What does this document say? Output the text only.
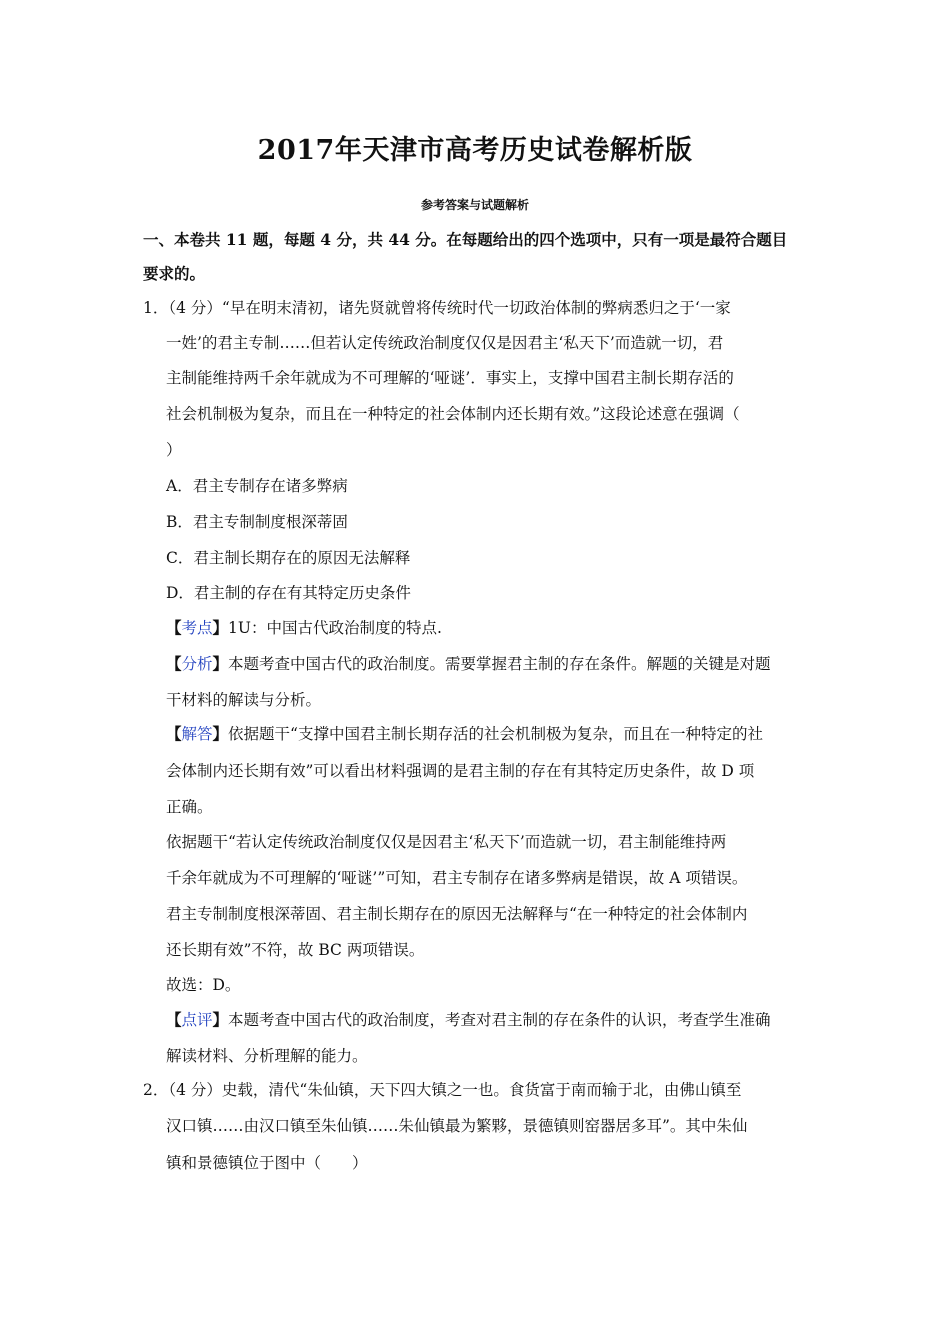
2017年天津市高考历史试卷解析版
参考答案与试题解析
一、本卷共 11 题，每题 4 分，共 44 分。在每题给出的四个选项中，只有一项是最符合题目
要求的。
1．（4 分）“早在明末清初，诸先贤就曾将传统时代一切政治体制的弊病悉归之于‘一家
一姓’的君主专制……但若认定传统政治制度仅仅是因君主‘私天下’而造就一切，君
主制能维持两千余年就成为不可理解的‘哑谜’．事实上，支撑中国君主制长期存活的
社会机制极为复杂，而且在一种特定的社会体制内还长期有效。”这段论述意在强调（
）
A．君主专制存在诸多弊病
B．君主专制制度根深蒂固
C．君主制长期存在的原因无法解释
D．君主制的存在有其特定历史条件
【考点】1U：中国古代政治制度的特点.
【分析】本题考查中国古代的政治制度。需要掌握君主制的存在条件。解题的关键是对题
干材料的解读与分析。
【解答】依据题干“支撑中国君主制长期存活的社会机制极为复杂，而且在一种特定的社
会体制内还长期有效”可以看出材料强调的是君主制的存在有其特定历史条件，故 D 项
正确。
依据题干“若认定传统政治制度仅仅是因君主‘私天下’而造就一切，君主制能维持两
千余年就成为不可理解的‘哑谜’”可知，君主专制存在诸多弊病是错误，故 A 项错误。
君主专制制度根深蒂固、君主制长期存在的原因无法解释与“在一种特定的社会体制内
还长期有效”不符，故 BC 两项错误。
故选：D。
【点评】本题考查中国古代的政治制度，考查对君主制的存在条件的认识，考查学生准确
解读材料、分析理解的能力。
2．（4 分）史载，清代“朱仙镇，天下四大镇之一也。食货富于南而输于北，由佛山镇至
汉口镇……由汉口镇至朱仙镇……朱仙镇最为繁夥，景德镇则窑器居多耳”。其中朱仙
镇和景德镇位于图中（　　）
